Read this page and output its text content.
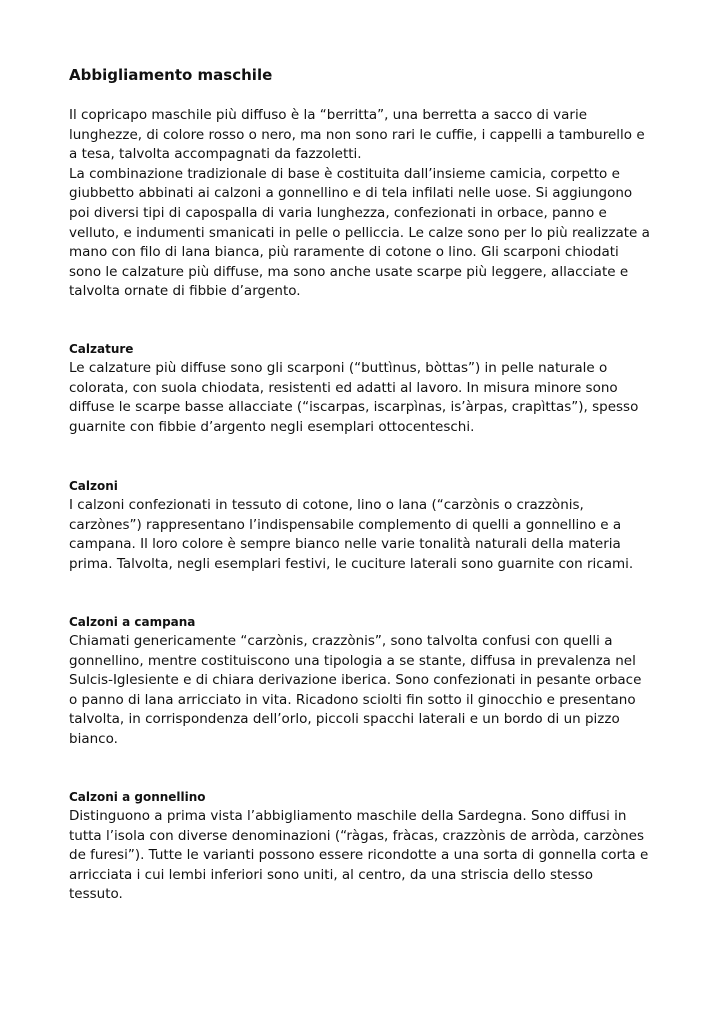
Abbigliamento maschile
Il copricapo maschile più diffuso è la “berritta”, una berretta a sacco di varie
lunghezze, di colore rosso o nero, ma non sono rari le cuffie, i cappelli a tamburello e
a tesa, talvolta accompagnati da fazzoletti.
La combinazione tradizionale di base è costituita dall’insieme camicia, corpetto e
giubbetto abbinati ai calzoni a gonnellino e di tela infilati nelle uose. Si aggiungono
poi diversi tipi di capospalla di varia lunghezza, confezionati in orbace, panno e
velluto, e indumenti smanicati in pelle o pelliccia. Le calze sono per lo più realizzate a
mano con filo di lana bianca, più raramente di cotone o lino. Gli scarponi chiodati
sono le calzature più diffuse, ma sono anche usate scarpe più leggere, allacciate e
talvolta ornate di fibbie d’argento.
Calzature
Le calzature più diffuse sono gli scarponi (“buttìnus, bòttas”) in pelle naturale o
colorata, con suola chiodata, resistenti ed adatti al lavoro. In misura minore sono
diffuse le scarpe basse allacciate (“iscarpas, iscarpìnas, is’àrpas, crapìttas”), spesso
guarnite con fibbie d’argento negli esemplari ottocenteschi.
Calzoni
I calzoni confezionati in tessuto di cotone, lino o lana (“carzònis o crazzònis,
carzònes”) rappresentano l’indispensabile complemento di quelli a gonnellino e a
campana. Il loro colore è sempre bianco nelle varie tonalità naturali della materia
prima. Talvolta, negli esemplari festivi, le cuciture laterali sono guarnite con ricami.
Calzoni a campana
Chiamati genericamente “carzònis, crazzònis”, sono talvolta confusi con quelli a
gonnellino, mentre costituiscono una tipologia a se stante, diffusa in prevalenza nel
Sulcis-Iglesiente e di chiara derivazione iberica. Sono confezionati in pesante orbace
o panno di lana arricciato in vita. Ricadono sciolti fin sotto il ginocchio e presentano
talvolta, in corrispondenza dell’orlo, piccoli spacchi laterali e un bordo di un pizzo
bianco.
Calzoni a gonnellino
Distinguono a prima vista l’abbigliamento maschile della Sardegna. Sono diffusi in
tutta l’isola con diverse denominazioni (“ràgas, fràcas, crazzònis de arròda, carzònes
de furesi”). Tutte le varianti possono essere ricondotte a una sorta di gonnella corta e
arricciata i cui lembi inferiori sono uniti, al centro, da una striscia dello stesso
tessuto.
